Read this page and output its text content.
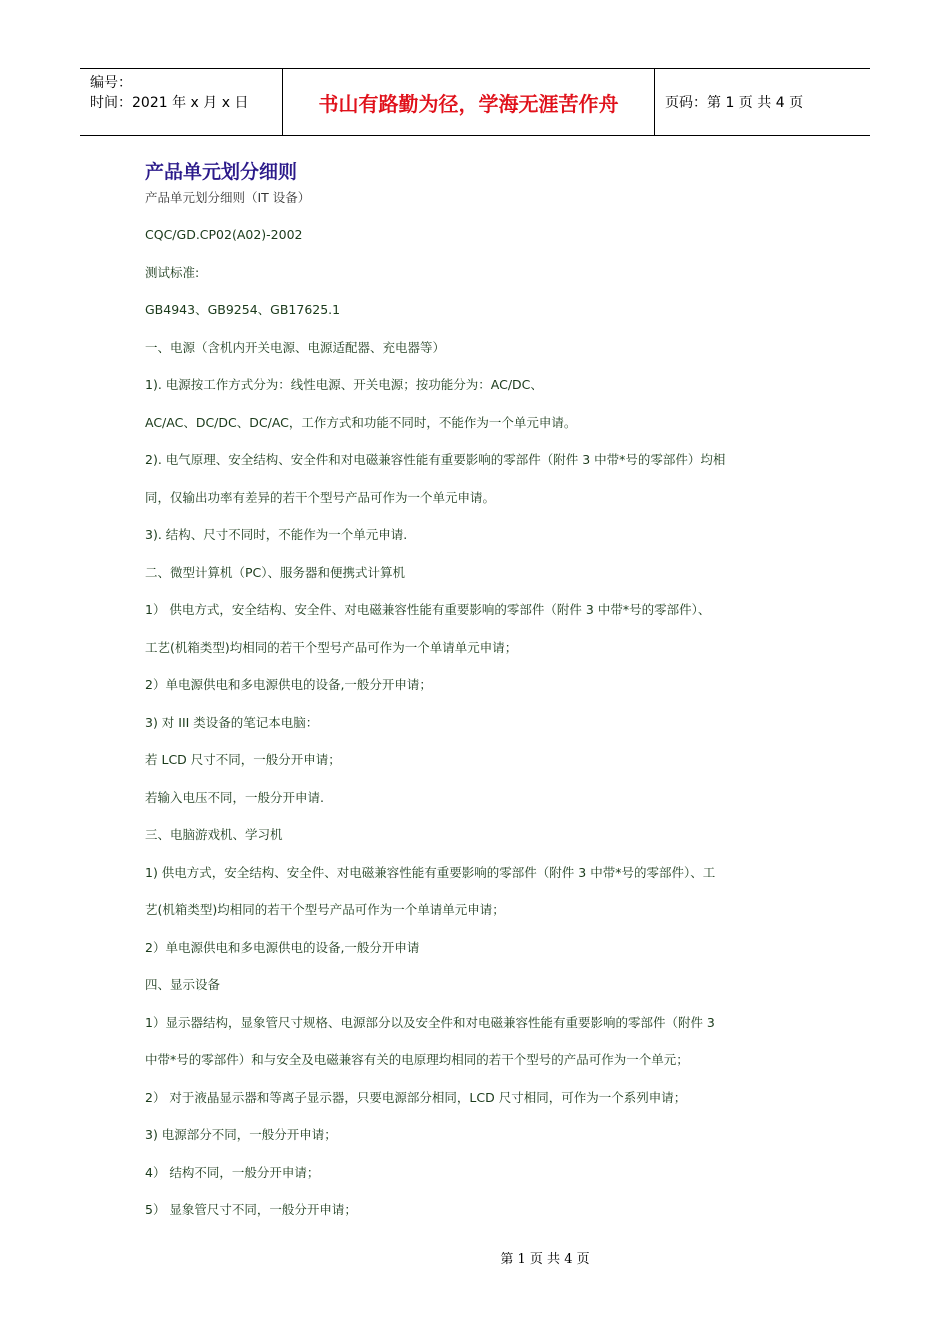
编号：
时间：2021 年 x 月 x 日	书山有路勤为径，学海无涯苦作舟	页码：第 1 页 共 4 页
产品单元划分细则

产品单元划分细则（IT 设备）

CQC/GD.CP02(A02)-2002

测试标准:

GB4943、GB9254、GB17625.1

一、电源（含机内开关电源、电源适配器、充电器等）

1). 电源按工作方式分为：线性电源、开关电源；按功能分为：AC/DC、

AC/AC、DC/DC、DC/AC，工作方式和功能不同时，不能作为一个单元申请。

2). 电气原理、安全结构、安全件和对电磁兼容性能有重要影响的零部件（附件 3 中带*号的零部件）均相

同，仅输出功率有差异的若干个型号产品可作为一个单元申请。

3). 结构、尺寸不同时，不能作为一个单元申请.

二、微型计算机（PC）、服务器和便携式计算机

1） 供电方式，安全结构、安全件、对电磁兼容性能有重要影响的零部件（附件 3 中带*号的零部件）、

工艺(机箱类型)均相同的若干个型号产品可作为一个单请单元申请；

2）单电源供电和多电源供电的设备,一般分开申请；

3) 对 III 类设备的笔记本电脑：

若 LCD 尺寸不同，一般分开申请；

若输入电压不同，一般分开申请.

三、电脑游戏机、学习机

1) 供电方式，安全结构、安全件、对电磁兼容性能有重要影响的零部件（附件 3 中带*号的零部件）、工

艺(机箱类型)均相同的若干个型号产品可作为一个单请单元申请；

2）单电源供电和多电源供电的设备,一般分开申请

四、显示设备

1）显示器结构，显象管尺寸规格、电源部分以及安全件和对电磁兼容性能有重要影响的零部件（附件 3

中带*号的零部件）和与安全及电磁兼容有关的电原理均相同的若干个型号的产品可作为一个单元；

2） 对于液晶显示器和等离子显示器，只要电源部分相同，LCD 尺寸相同，可作为一个系列申请；

3) 电源部分不同，一般分开申请；

4） 结构不同，一般分开申请；

5） 显象管尺寸不同，一般分开申请；

第 1 页 共 4 页
